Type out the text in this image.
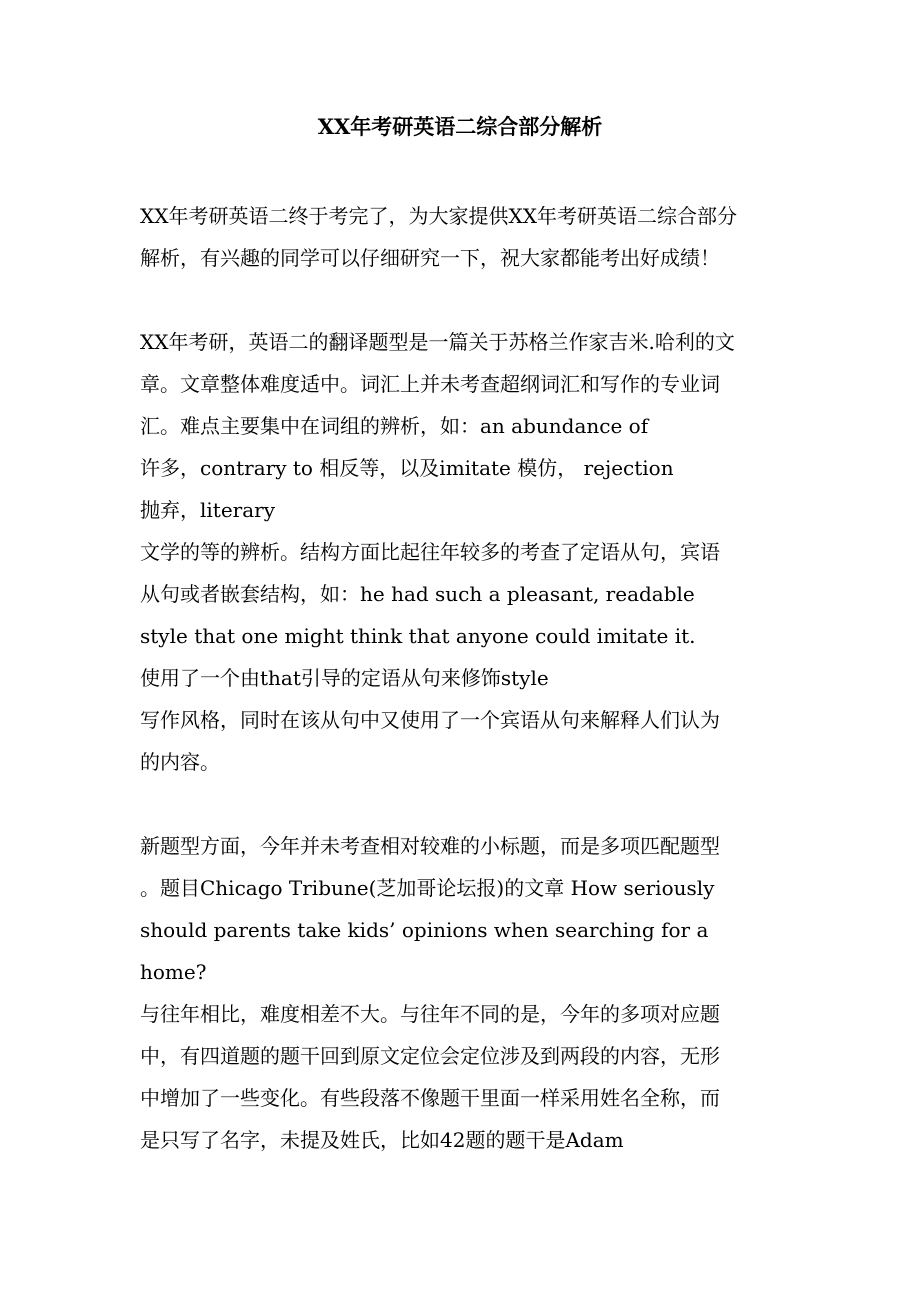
XX年考研英语二综合部分解析
XX年考研英语二终于考完了，为大家提供XX年考研英语二综合部分
解析，有兴趣的同学可以仔细研究一下，祝大家都能考出好成绩！
XX年考研，英语二的翻译题型是一篇关于苏格兰作家吉米.哈利的文
章。文章整体难度适中。词汇上并未考查超纲词汇和写作的专业词
汇。难点主要集中在词组的辨析，如：an abundance of
许多，contrary to 相反等，以及imitate 模仿， rejection
抛弃，literary
文学的等的辨析。结构方面比起往年较多的考查了定语从句，宾语
从句或者嵌套结构，如：he had such a pleasant, readable
style that one might think that anyone could imitate it.
使用了一个由that引导的定语从句来修饰style
写作风格，同时在该从句中又使用了一个宾语从句来解释人们认为
的内容。
新题型方面，今年并未考查相对较难的小标题，而是多项匹配题型
。题目Chicago Tribune(芝加哥论坛报)的文章 How seriously
should parents take kids’ opinions when searching for a
home?
与往年相比，难度相差不大。与往年不同的是，今年的多项对应题
中，有四道题的题干回到原文定位会定位涉及到两段的内容，无形
中增加了一些变化。有些段落不像题干里面一样采用姓名全称，而
是只写了名字，未提及姓氏，比如42题的题干是Adam
